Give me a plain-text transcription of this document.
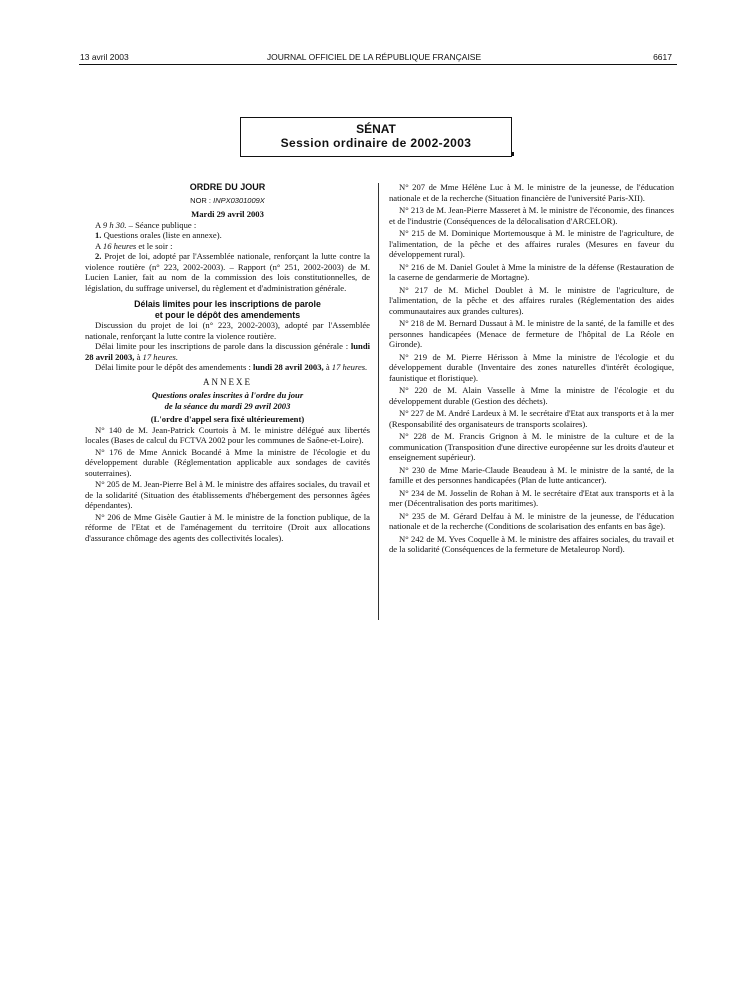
13 avril 2003	JOURNAL OFFICIEL DE LA RÉPUBLIQUE FRANÇAISE	6617
SÉNAT
Session ordinaire de 2002-2003

ORDRE DU JOUR

NOR : INPX0301009X

Mardi 29 avril 2003

A 9 h 30. – Séance publique :

1. Questions orales (liste en annexe).

A 16 heures et le soir :

2. Projet de loi, adopté par l'Assemblée nationale, renforçant la lutte contre la violence routière (n° 223, 2002-2003). – Rapport (n° 251, 2002-2003) de M. Lucien Lanier, fait au nom de la commission des lois constitutionnelles, de législation, du suffrage universel, du règlement et d'administration générale.

Délais limites pour les inscriptions de parole

et pour le dépôt des amendements

Discussion du projet de loi (n° 223, 2002-2003), adopté par l'Assemblée nationale, renforçant la lutte contre la violence routière.

Délai limite pour les inscriptions de parole dans la discussion générale : lundi 28 avril 2003, à 17 heures.

Délai limite pour le dépôt des amendements : lundi 28 avril 2003, à 17 heures.

ANNEXE

Questions orales inscrites à l'ordre du jour

de la séance du mardi 29 avril 2003

(L'ordre d'appel sera fixé ultérieurement)

N° 140 de M. Jean-Patrick Courtois à M. le ministre délégué aux libertés locales (Bases de calcul du FCTVA 2002 pour les communes de Saône-et-Loire).

N° 176 de Mme Annick Bocandé à Mme la ministre de l'écologie et du développement durable (Réglementation applicable aux sondages de cavités souterraines).

N° 205 de M. Jean-Pierre Bel à M. le ministre des affaires sociales, du travail et de la solidarité (Situation des établissements d'hébergement des personnes âgées dépendantes).

N° 206 de Mme Gisèle Gautier à M. le ministre de la fonction publique, de la réforme de l'Etat et de l'aménagement du territoire (Droit aux allocations d'assurance chômage des agents des collectivités locales).

N° 207 de Mme Hélène Luc à M. le ministre de la jeunesse, de l'éducation nationale et de la recherche (Situation financière de l'université Paris-XII).

N° 213 de M. Jean-Pierre Masseret à M. le ministre de l'économie, des finances et de l'industrie (Conséquences de la délocalisation d'ARCELOR).

N° 215 de M. Dominique Mortemousque à M. le ministre de l'agriculture, de l'alimentation, de la pêche et des affaires rurales (Mesures en faveur du développement rural).

N° 216 de M. Daniel Goulet à Mme la ministre de la défense (Restauration de la caserne de gendarmerie de Mortagne).

N° 217 de M. Michel Doublet à M. le ministre de l'agriculture, de l'alimentation, de la pêche et des affaires rurales (Réglementation des aides communautaires aux grandes cultures).

N° 218 de M. Bernard Dussaut à M. le ministre de la santé, de la famille et des personnes handicapées (Menace de fermeture de l'hôpital de La Réole en Gironde).

N° 219 de M. Pierre Hérisson à Mme la ministre de l'écologie et du développement durable (Inventaire des zones naturelles d'intérêt écologique, faunistique et floristique).

N° 220 de M. Alain Vasselle à Mme la ministre de l'écologie et du développement durable (Gestion des déchets).

N° 227 de M. André Lardeux à M. le secrétaire d'Etat aux transports et à la mer (Responsabilité des organisateurs de transports scolaires).

N° 228 de M. Francis Grignon à M. le ministre de la culture et de la communication (Transposition d'une directive européenne sur les droits d'auteur et enseignement supérieur).

N° 230 de Mme Marie-Claude Beaudeau à M. le ministre de la santé, de la famille et des personnes handicapées (Plan de lutte anticancer).

N° 234 de M. Josselin de Rohan à M. le secrétaire d'Etat aux transports et à la mer (Décentralisation des ports maritimes).

N° 235 de M. Gérard Delfau à M. le ministre de la jeunesse, de l'éducation nationale et de la recherche (Conditions de scolarisation des enfants en bas âge).

N° 242 de M. Yves Coquelle à M. le ministre des affaires sociales, du travail et de la solidarité (Conséquences de la fermeture de Metaleurop Nord).
